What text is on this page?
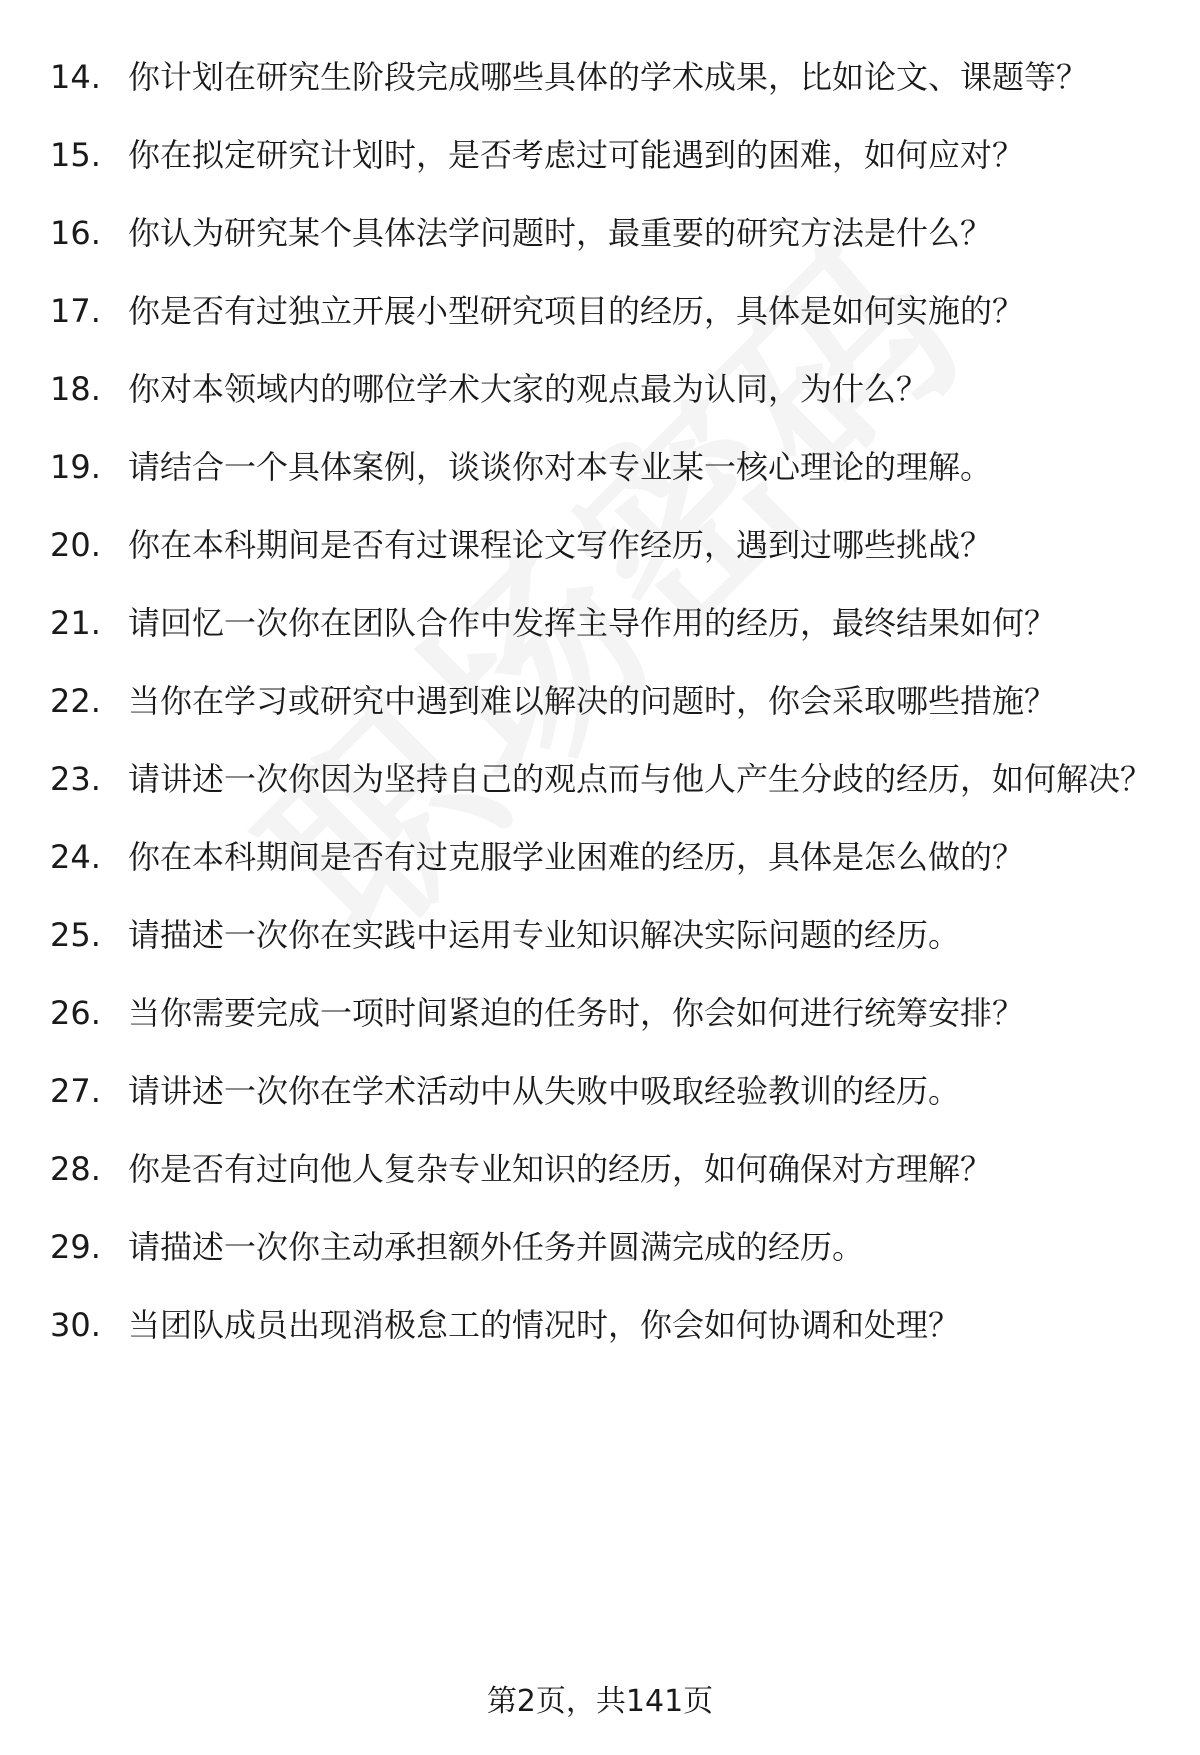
14. 你计划在研究生阶段完成哪些具体的学术成果，比如论文、课题等？
15. 你在拟定研究计划时，是否考虑过可能遇到的困难，如何应对？
16. 你认为研究某个具体法学问题时，最重要的研究方法是什么？
17. 你是否有过独立开展小型研究项目的经历，具体是如何实施的？
18. 你对本领域内的哪位学术大家的观点最为认同，为什么？
19. 请结合一个具体案例，谈谈你对本专业某一核心理论的理解。
20. 你在本科期间是否有过课程论文写作经历，遇到过哪些挑战？
21. 请回忆一次你在团队合作中发挥主导作用的经历，最终结果如何？
22. 当你在学习或研究中遇到难以解决的问题时，你会采取哪些措施？
23. 请讲述一次你因为坚持自己的观点而与他人产生分歧的经历，如何解决？
24. 你在本科期间是否有过克服学业困难的经历，具体是怎么做的？
25. 请描述一次你在实践中运用专业知识解决实际问题的经历。
26. 当你需要完成一项时间紧迫的任务时，你会如何进行统筹安排？
27. 请讲述一次你在学术活动中从失败中吸取经验教训的经历。
28. 你是否有过向他人复杂专业知识的经历，如何确保对方理解？
29. 请描述一次你主动承担额外任务并圆满完成的经历。
30. 当团队成员出现消极怠工的情况时，你会如何协调和处理？
第2页，共141页
